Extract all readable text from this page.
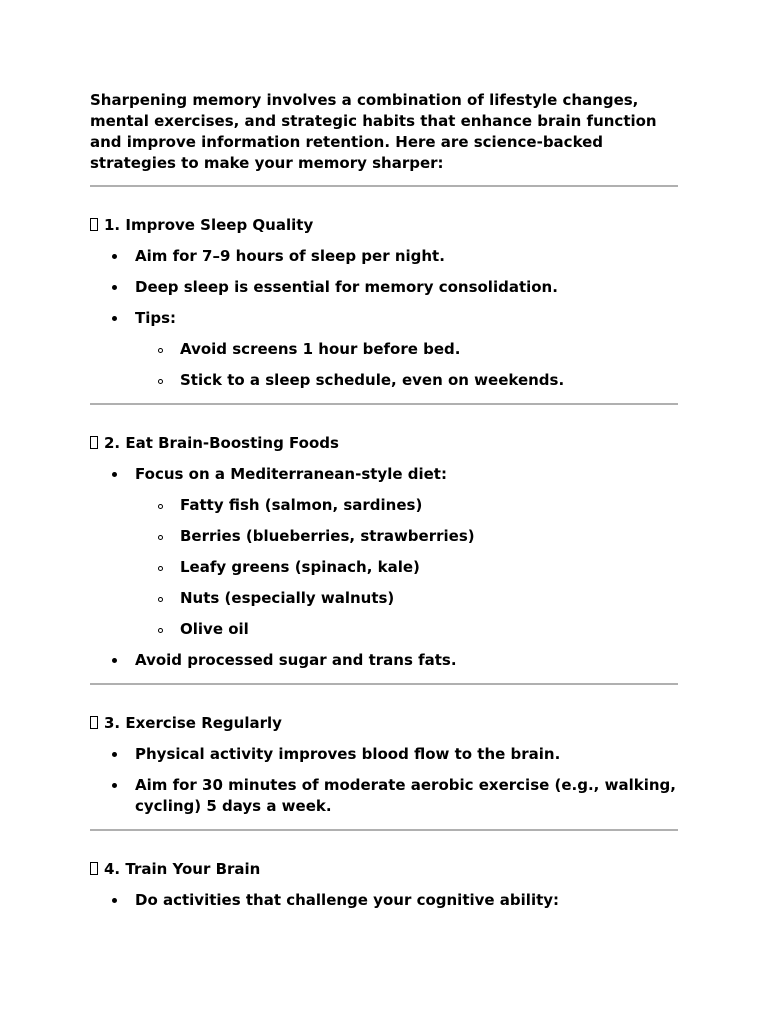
Sharpening memory involves a combination of lifestyle changes, mental exercises, and strategic habits that enhance brain function and improve information retention. Here are science-backed strategies to make your memory sharper:

1. Improve Sleep Quality
Aim for 7–9 hours of sleep per night.
Deep sleep is essential for memory consolidation.
Tips:
Avoid screens 1 hour before bed.
Stick to a sleep schedule, even on weekends.
2. Eat Brain-Boosting Foods
Focus on a Mediterranean-style diet:
Fatty fish (salmon, sardines)
Berries (blueberries, strawberries)
Leafy greens (spinach, kale)
Nuts (especially walnuts)
Olive oil
Avoid processed sugar and trans fats.
3. Exercise Regularly
Physical activity improves blood flow to the brain.
Aim for 30 minutes of moderate aerobic exercise (e.g., walking, cycling) 5 days a week.
4. Train Your Brain
Do activities that challenge your cognitive ability:
